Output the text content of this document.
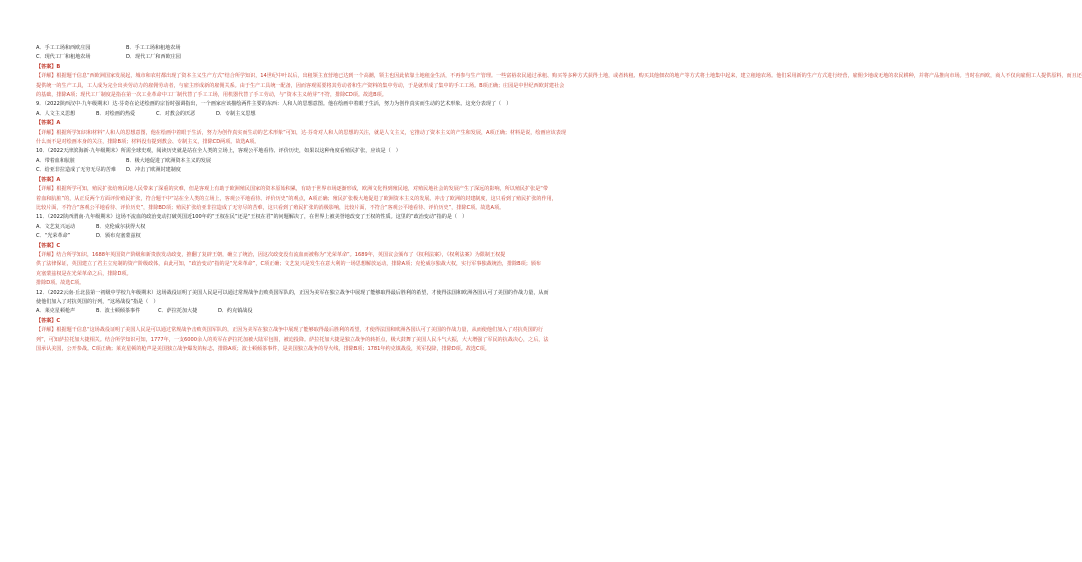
A．手工工场和西欧庄园	B．手工工场和租地农场
C．现代工厂和租地农场	D．现代工厂和西欧庄园
【答案】B
【详解】根据题干信息“西欧洲国家发展起，城市和农村都出现了资本主义生产方式”结合所学知识，14世纪中叶以后，出租领主直营地已达到一个高潮，领主也因此依靠土地租金生活，不再参与生产管理。一些富裕农民通过承租、购买等多种方式获得土地，或者转租、购买其他佃农的地产等方式将土地集中起来，建立租地农场。他们采用新的生产方式进行经营，雇佣少地或无地的农民耕种，并将产品推向市场。当时在西欧，商人不仅向雇佣工人提供原料，而且还
提供统一的生产工具，工人成为完全出卖劳动力的雇佣劳动者，与雇主形成新的雇佣关系。由于生产工具统一配备，因而客观需要将其劳动者和生产资料的集中劳动，于是就形成了集中的手工工场。B项正确；庄园是中世纪西欧封建社会
的基础，排除A项；现代工厂制度是指在第一次工业革命中工厂制代替了手工工场，用机器代替了手工劳动，与“资本主义萌芽”不符，排除CD项。故选B项。
9．（2022陕西汉中·九年级期末）达·芬奇在论述绘画的宗旨时强调指出，一个画家应该描绘两件主要的东西：人和人的思想意图。他在绘画中着眼于生活，努力为创作真实而生动的艺术形象。这充分表现了（　）
A．人文主义思想	B．对绘画的热爱	C．对教会的厌恶	D．专制主义思想
【答案】A
【详解】根据所学知识和材料“人和人的思想意图，他在绘画中着眼于生活，努力为创作真实而生动的艺术形象”可知，达·芬奇对人和人的思想的关注，就是人文主义，它推动了资本主义的产生和发展，A项正确；材料是说，绘画应该表现
什么而不是对绘画本身的关注，排除B项；材料没有提到教会、专制主义，排除CD两项。故选A项。
10．（2022天津滨海新·九年级期末）所需全球史观，阅读历史就是站在全人类的立场上，客观公平地看待、评价历史，如果以这种角度看殖民扩张，应该是（　）
A．带着血和肮脏	B．极大地促进了欧洲资本主义的发展
C．给亚非拉造成了无穷无尽的苦难	D．冲击了欧洲封建制度
【答案】A
【详解】根据所学可知，殖民扩张给殖民地人民带来了深重的灾难，但是客观上有助于欧洲殖民国家的资本原始积累，有助于世界市场逐渐形成，欧洲文化得到殖民地，对殖民地社会的发展产生了深远的影响，所以殖民扩张是“带
着血和肮脏”的，从正反两个方面评价殖民扩张，符合题干中“站在全人类的立场上，客观公平地看待、评价历史”的观点，A项正确；殖民扩张极大地促进了欧洲资本主义的发展、冲击了欧洲的封建制度，这只看到了殖民扩张的作用，
比较片面，不符合“客观公平地看待、评价历史”，排除BD项；殖民扩张给亚非拉造成了无穷尽的苦难，这只看到了殖民扩张的消极影响，比较片面，不符合“客观公平地看待、评价历史”，排除C项。故选A项。
11．（2022陕西渭南·九年级期末）这场不流血的政治变动打破英国近100年的“王权在民”还是“王权在君”的问题解决了，在世界上被美誉地改变了王权的性质。这里的“政治变动”指的是（　）
A．文艺复兴运动	B．克伦威尔获得大权
C．“光荣革命”	D．颁布克塞蒙兹权
【答案】C
【详解】结合所学知识，1688年英国资产阶级和新贵族发动政变，推翻了复辟王朝，确立了统治，因这次政变没有流血而被称为“光荣革命”。1689年，英国议会颁布了《权利法案》，《权利法案》为限制王权提
供了法律保证，英国建立了君主立宪制的资产阶级政体，由此可知，“政治变动”指的是“光荣革命”，C项正确；文艺复兴是发生在意大利的一场思想解放运动，排除A项；克伦威尔独裁大权，实行军事独裁统治，排除B项；颁布
克塞蒙兹权是在光荣革命之后，排除D项。
排除D项。故选C项。
12．（2022云南·丘北县第一初级中学校九年级期末）这场战役证明了美国人民是可以通过常规战争击败英国军队的，正因为美军在独立战争中展现了能够取得最后胜利的希望，才使得法国和欧洲各国认可了美国的作战力量，从而
使他们加入了对抗英国的行列，“这场战役”指是（　）
A．莱克星顿枪声	B．波士顿倾茶事件	C．萨拉托加大捷	D．约克镇战役
【答案】C
【详解】根据题干信息“这场战役证明了美国人民是可以通过常规战争击败英国军队的，正因为美军在独立战争中展现了能够取得最后胜利的希望，才使得法国和欧洲各国认可了美国的作战力量，从而使他们加入了对抗英国的行
列”，可知萨拉托加大捷相关。结合所学知识可知，1777年，一支6000余人的英军在萨拉托加被大陆军包围，被迫投降。萨拉托加大捷是独立战争的转折点，极大鼓舞了美国人民斗气大振，大大增强了军民的抗战决心，之后，法
国承认美国，公开参战。C项正确；莱克星顿的枪声是美国独立战争爆发的标志，排除A项；波士顿倾茶事件，是美国独立战争的导火线，排除B项；1781年约克镇战役，英军投降，排除D项。故选C项。
